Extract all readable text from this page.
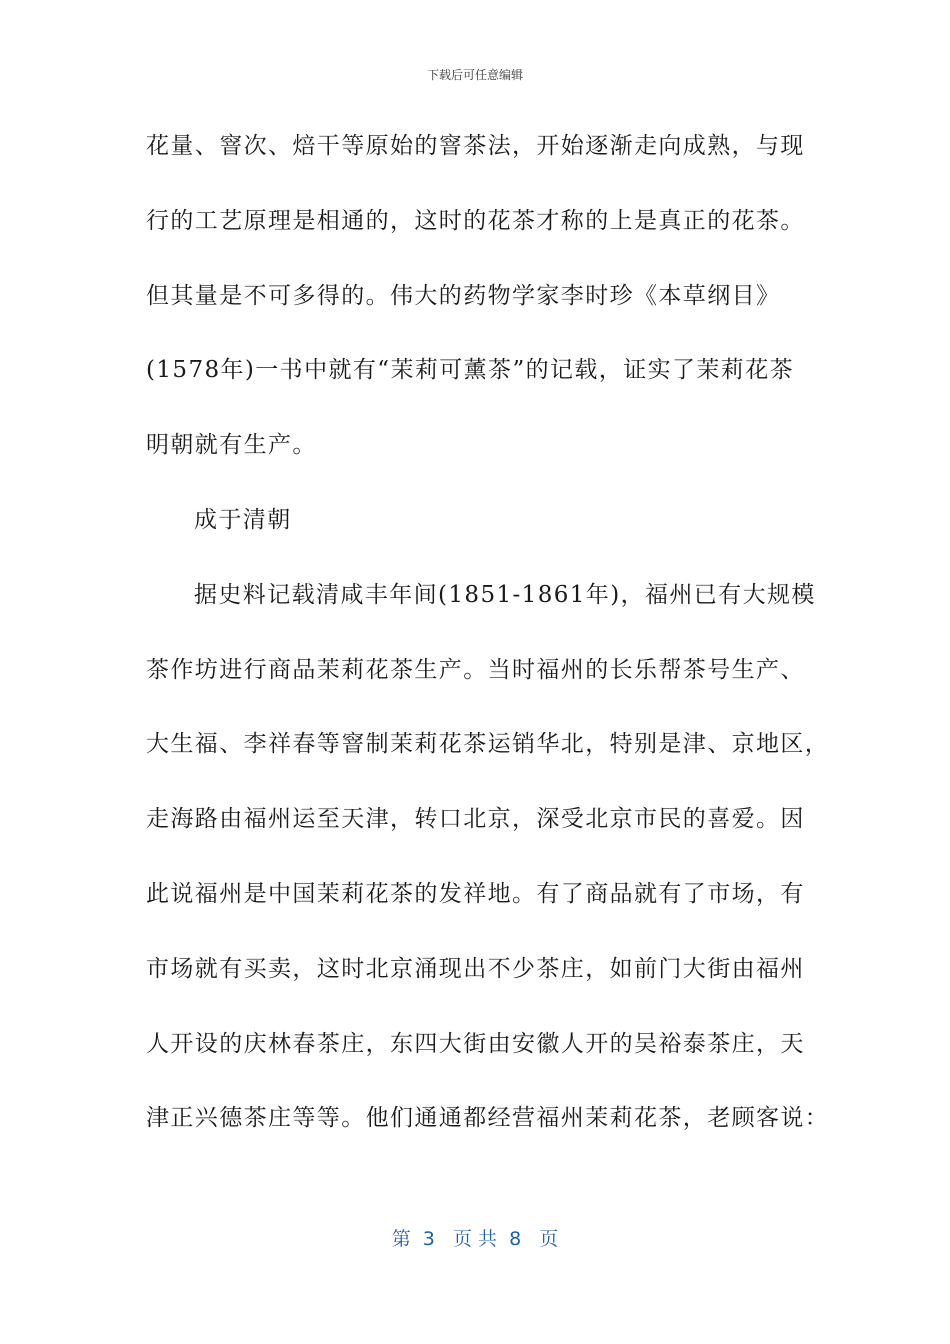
下载后可任意编辑
花量、窨次、焙干等原始的窨茶法，开始逐渐走向成熟，与现
行的工艺原理是相通的，这时的花茶才称的上是真正的花茶。
但其量是不可多得的。伟大的药物学家李时珍《本草纲目》
(1578年)一书中就有“茉莉可薰茶”的记载，证实了茉莉花茶
明朝就有生产。
成于清朝
据史料记载清咸丰年间(1851-1861年)，福州已有大规模
茶作坊进行商品茉莉花茶生产。当时福州的长乐帮茶号生产、
大生福、李祥春等窨制茉莉花茶运销华北，特别是津、京地区，
走海路由福州运至天津，转口北京，深受北京市民的喜爱。因
此说福州是中国茉莉花茶的发祥地。有了商品就有了市场，有
市场就有买卖，这时北京涌现出不少茶庄，如前门大街由福州
人开设的庆林春茶庄，东四大街由安徽人开的吴裕泰茶庄，天
津正兴德茶庄等等。他们通通都经营福州茉莉花茶，老顾客说：
第  3   页 共  8   页
